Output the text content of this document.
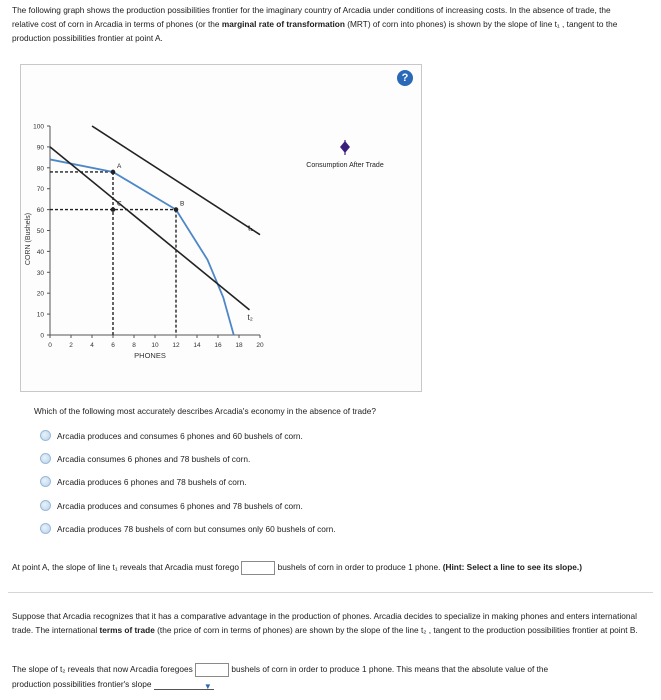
The following graph shows the production possibilities frontier for the imaginary country of Arcadia under conditions of increasing costs. In the absence of trade, the relative cost of corn in Arcadia in terms of phones (or the marginal rate of transformation (MRT) of corn into phones) is shown by the slope of line t₁ , tangent to the production possibilities frontier at point A.
?
100
90
80
70
60
50
40
30
20
10
0
0	2	4	6	8 10 12 14 16 18 20
CORN (Bushels)
PHONES
t₁
t₂
A
B
C
Consumption After Trade
Which of the following most accurately describes Arcadia's economy in the absence of trade?
Arcadia produces and consumes 6 phones and 60 bushels of corn.
Arcadia consumes 6 phones and 78 bushels of corn.
Arcadia produces 6 phones and 78 bushels of corn.
Arcadia produces and consumes 6 phones and 78 bushels of corn.
Arcadia produces 78 bushels of corn but consumes only 60 bushels of corn.
At point A, the slope of line t₁ reveals that Arcadia must forego	bushels of corn in order to produce 1 phone. (Hint: Select a line to see its slope.)
Suppose that Arcadia recognizes that it has a comparative advantage in the production of phones. Arcadia decides to specialize in making phones and enters international trade. The international terms of trade (the price of corn in terms of phones) are shown by the slope of the line t₂ , tangent to the production possibilities frontier at point B.
The slope of t₂ reveals that now Arcadia foregoes	bushels of corn in order to produce 1 phone. This means that the absolute value of the
production possibilities frontier's slope	▼
